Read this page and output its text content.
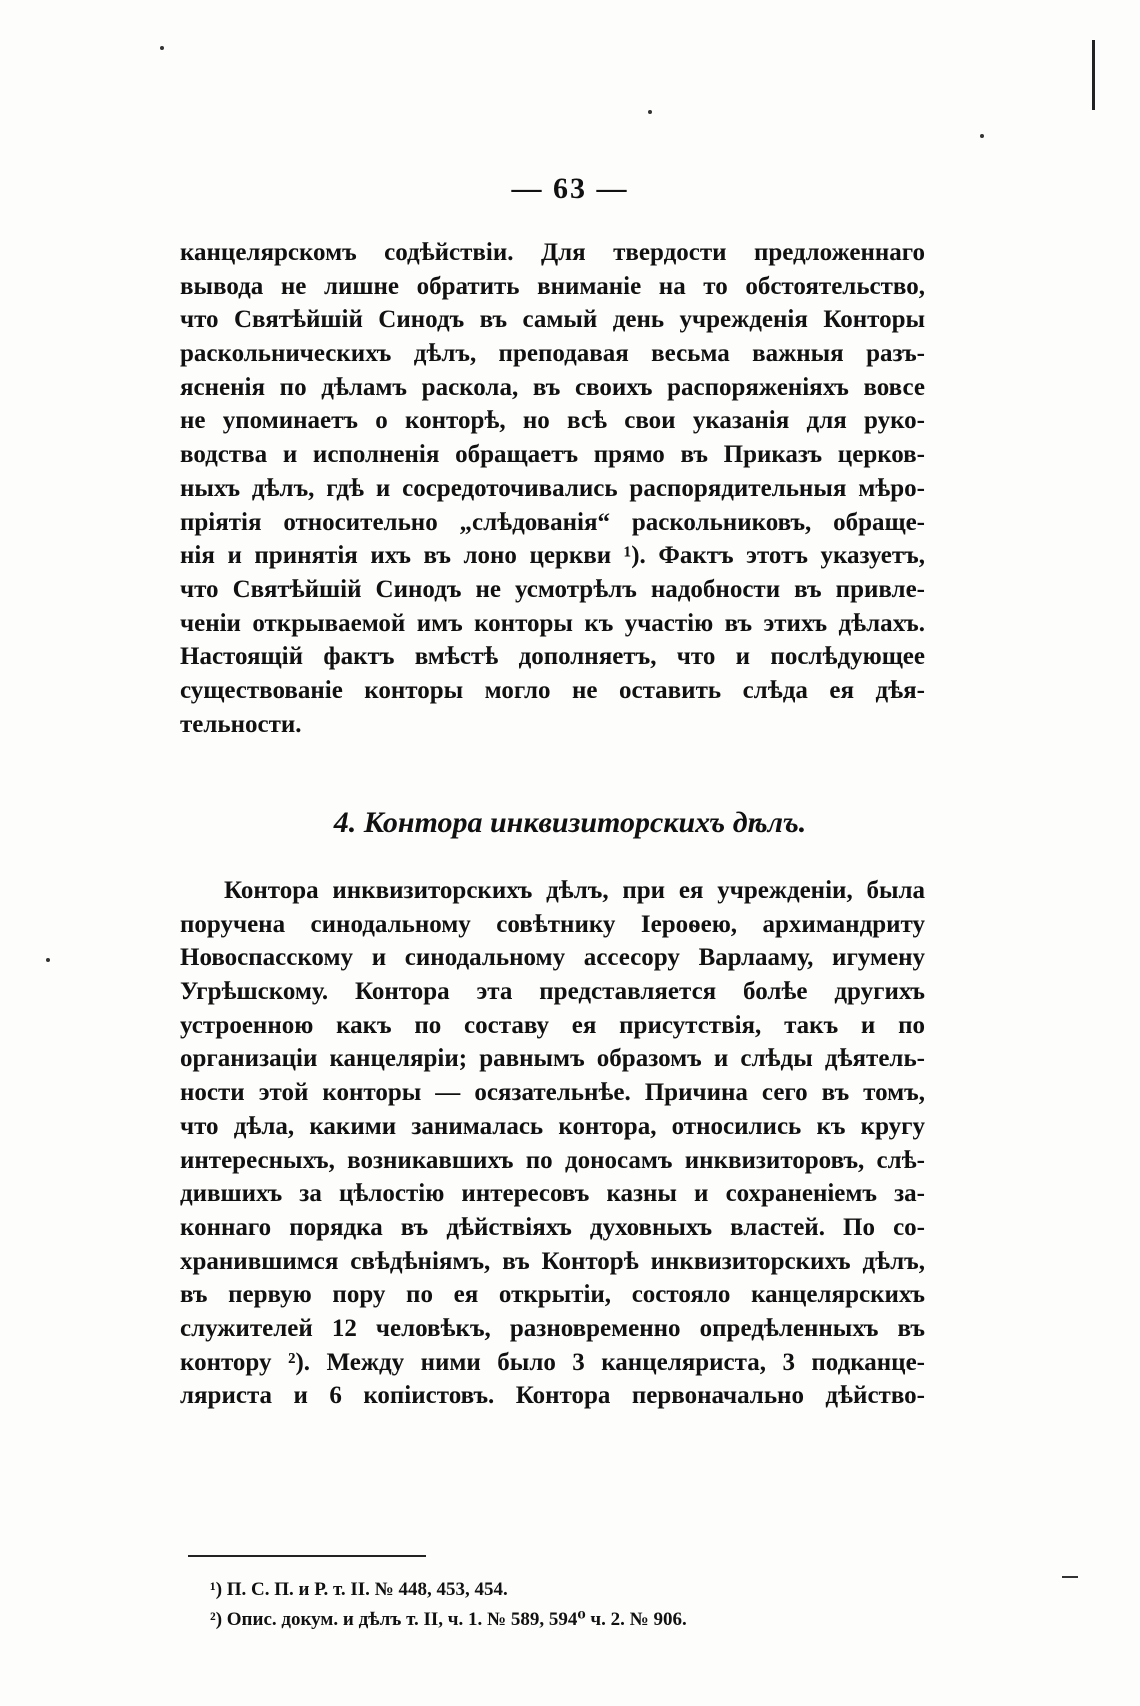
— 63 —
канцелярскомъ содѣйствіи. Для твердости предложеннаго
вывода не лишне обратить вниманіе на то обстоятельство,
что Святѣйшій Синодъ въ самый день учрежденія Конторы
раскольническихъ дѣлъ, преподавая весьма важныя разъ-
ясненія по дѣламъ раскола, въ своихъ распоряженіяхъ вовсе
не упоминаетъ о конторѣ, но всѣ свои указанія для руко-
водства и исполненія обращаетъ прямо въ Приказъ церков-
ныхъ дѣлъ, гдѣ и сосредоточивались распорядительныя мѣро-
пріятія относительно „слѣдованія“ раскольниковъ, обраще-
нія и принятія ихъ въ лоно церкви ¹). Фактъ этотъ указуетъ,
что Святѣйшій Синодъ не усмотрѣлъ надобности въ привле-
ченіи открываемой имъ конторы къ участію въ этихъ дѣлахъ.
Настоящій фактъ вмѣстѣ дополняетъ, что и послѣдующее
существованіе конторы могло не оставить слѣда ея дѣя-
тельности.
4. Контора инквизиторскихъ дѣлъ.
Контора инквизиторскихъ дѣлъ, при ея учрежденіи, была
поручена синодальному совѣтнику Іероѳею, архимандриту
Новоспасскому и синодальному ассесору Варлааму, игумену
Угрѣшскому. Контора эта представляется болѣе другихъ
устроенною какъ по составу ея присутствія, такъ и по
организаціи канцеляріи; равнымъ образомъ и слѣды дѣятель-
ности этой конторы — осязательнѣе. Причина сего въ томъ,
что дѣла, какими занималась контора, относились къ кругу
интересныхъ, возникавшихъ по доносамъ инквизиторовъ, слѣ-
дившихъ за цѣлостію интересовъ казны и сохраненіемъ за-
коннаго порядка въ дѣйствіяхъ духовныхъ властей. По со-
хранившимся свѣдѣніямъ, въ Конторѣ инквизиторскихъ дѣлъ,
въ первую пору по ея открытіи, состояло канцелярскихъ
служителей 12 человѣкъ, разновременно опредѣленныхъ въ
контору ²). Между ними было 3 канцеляриста, 3 подканце-
ляриста и 6 копіистовъ. Контора первоначально дѣйство-
¹) П. С. П. и Р. т. II. № 448, 453, 454.
²) Опис. докум. и дѣлъ т. II, ч. 1. № 589, 594⁰ ч. 2. № 906.
